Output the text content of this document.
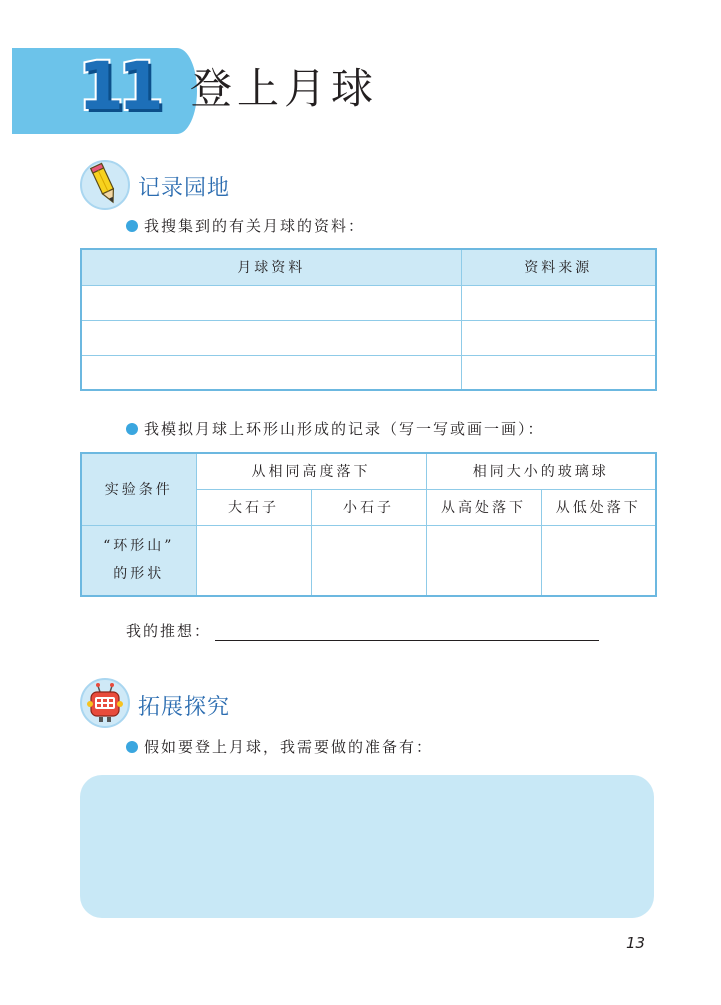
11 登上月球
记录园地
我搜集到的有关月球的资料：
月球资料	资料来源

我模拟月球上环形山形成的记录（写一写或画一画）：
实验条件	从相同高度落下		相同大小的玻璃球	
	大石子	小石子	从高处落下	从低处落下

“环形山”
的形状				

我的推想：
拓展探究
假如要登上月球，我需要做的准备有：
13
